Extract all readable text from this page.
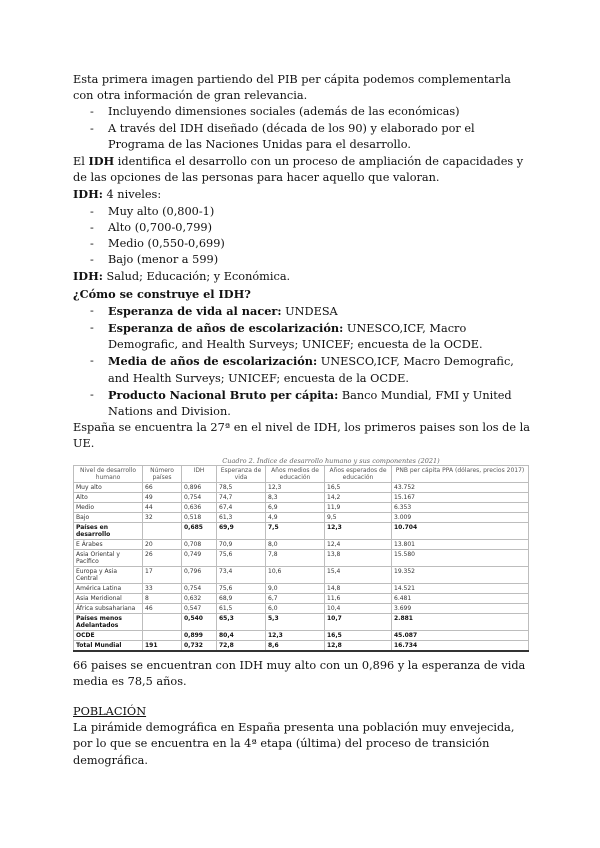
Esta primera imagen partiendo del PIB per cápita podemos complementarla con otra información de gran relevancia.

- Incluyendo dimensiones sociales (además de las económicas)
- A través del IDH diseñado (década de los 90) y elaborado por el Programa de las Naciones Unidas para el desarrollo.

El IDH identifica el desarrollo con un proceso de ampliación de capacidades y de las opciones de las personas para hacer aquello que valoran.

IDH: 4 niveles:

- Muy alto (0,800-1)
- Alto (0,700-0,799)
- Medio (0,550-0,699)
- Bajo (menor a 599)

IDH: Salud; Educación; y Económica.

¿Cómo se construye el IDH?

- Esperanza de vida al nacer: UNDESA
- Esperanza de años de escolarización: UNESCO,ICF, Macro Demografic, and Health Surveys; UNICEF; encuesta de la OCDE.
- Media de años de escolarización: UNESCO,ICF, Macro Demografic, and Health Surveys; UNICEF; encuesta de la OCDE.
- Producto Nacional Bruto per cápita: Banco Mundial, FMI y United Nations and Division.

España se encuentra la 27ª en el nivel de IDH, los primeros paises son los de la UE.

Cuadro 2. Índice de desarrollo humano y sus componentes (2021)
Nivel de desarrollo humano	Número países	IDH	Esperanza de vida	Años medios de educación	Años esperados de educación	PNB per cápita PPA (dólares, precios 2017)
Muy alto	66	0,896	78,5	12,3	16,5	43.752
Alto	49	0,754	74,7	8,3	14,2	15.167
Medio	44	0,636	67,4	6,9	11,9	6.353
Bajo	32	0,518	61,3	4,9	9,5	3.009
Países en desarrollo		0,685	69,9	7,5	12,3	10.704
E Árabes	20	0,708	70,9	8,0	12,4	13.801
Asia Oriental y Pacífico	26	0,749	75,6	7,8	13,8	15.580
Europa y Asia Central	17	0,796	73,4	10,6	15,4	19.352
América Latina	33	0,754	75,6	9,0	14,8	14.521
Asia Meridional	8	0,632	68,9	6,7	11,6	6.481
África subsahariana	46	0,547	61,5	6,0	10,4	3.699
Países menos Adelantados		0,540	65,3	5,3	10,7	2.881
OCDE		0,899	80,4	12,3	16,5	45.087
Total Mundial	191	0,732	72,8	8,6	12,8	16.734

66 paises se encuentran con IDH muy alto con un 0,896 y la esperanza de vida media es 78,5 años.

POBLACIÓN

La pirámide demográfica en España presenta una población muy envejecida, por lo que se encuentra en la 4ª etapa (última) del proceso de transición demográfica.
